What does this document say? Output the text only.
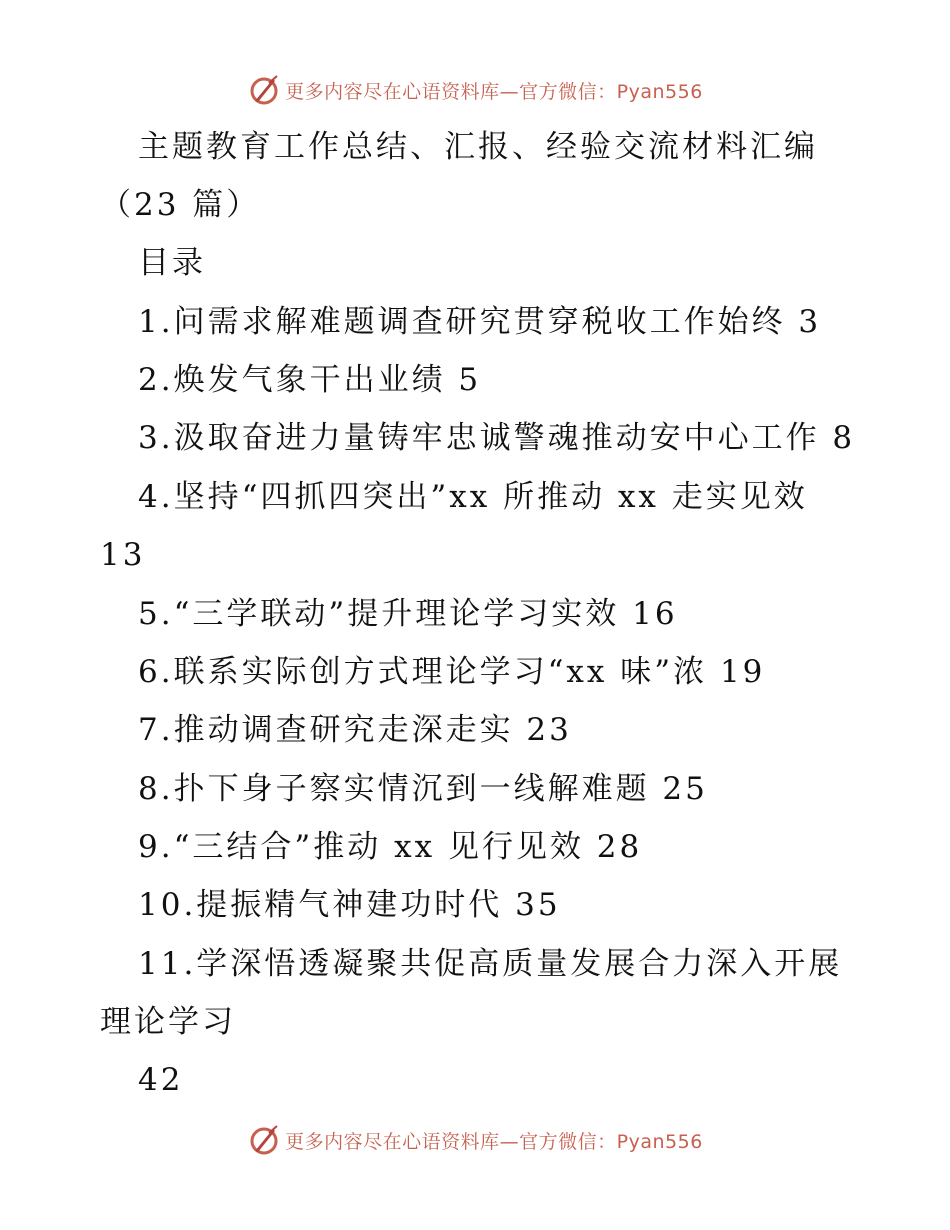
更多内容尽在心语资料库—官方微信：Pyan556
主题教育工作总结、汇报、经验交流材料汇编
（23 篇）
目录
1.问需求解难题调查研究贯穿税收工作始终 3
2.焕发气象干出业绩 5
3.汲取奋进力量铸牢忠诚警魂推动安中心工作 8
4.坚持“四抓四突出”xx 所推动 xx 走实见效
13
5.“三学联动”提升理论学习实效 16
6.联系实际创方式理论学习“xx 味”浓 19
7.推动调查研究走深走实 23
8.扑下身子察实情沉到一线解难题 25
9.“三结合”推动 xx 见行见效 28
10.提振精气神建功时代 35
11.学深悟透凝聚共促高质量发展合力深入开展
理论学习
42
更多内容尽在心语资料库—官方微信：Pyan556
